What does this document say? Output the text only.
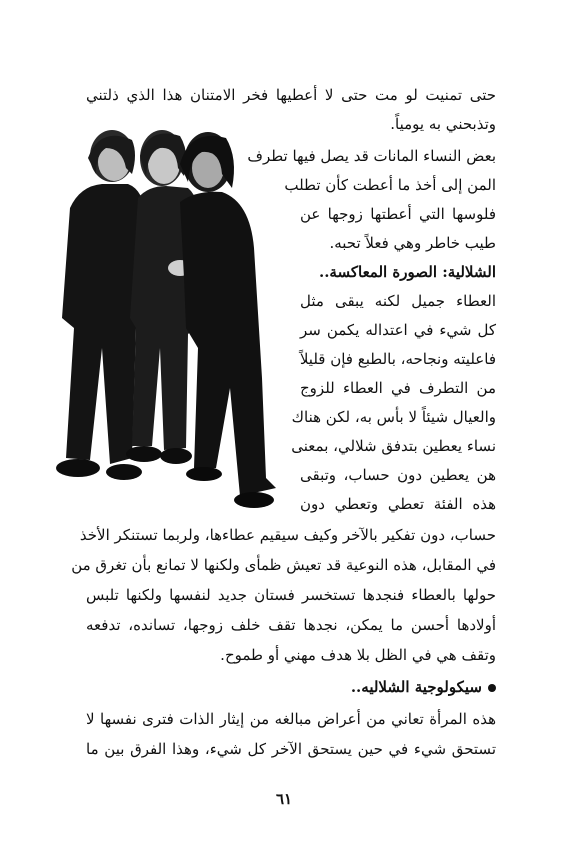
حتى تمنيت لو مت حتى لا أعطيها فخر الامتنان هذا الذي ذلتني
وتذبحني به يومياً.
بعض النساء المانات قد يصل فيها تطرف
المن إلى أخذ ما أعطت كأن تطلب
فلوسها التي أعطتها زوجها عن
طيب خاطر وهي فعلاً تحبه.
الشلالية: الصورة المعاكسة..
العطاء جميل لكنه يبقى مثل
كل شيء في اعتداله يكمن سر
فاعليته ونجاحه، بالطبع فإن قليلاً
من التطرف في العطاء للزوج
والعيال شيئاً لا بأس به، لكن هناك
نساء يعطين بتدفق شلالي، بمعنى
هن يعطين دون حساب، وتبقى
هذه الفئة تعطي وتعطي دون
حساب، دون تفكير بالآخر وكيف سيقيم عطاءها، ولربما تستنكر الأخذ
في المقابل، هذه النوعية قد تعيش ظمأى ولكنها لا تمانع بأن تغرق من
حولها بالعطاء فنجدها تستخسر فستان جديد لنفسها ولكنها تلبس
أولادها أحسن ما يمكن، نجدها تقف خلف زوجها، تسانده، تدفعه
وتقف هي في الظل بلا هدف مهني أو طموح.
سيكولوجية الشلاليه..
هذه المرأة تعاني من أعراض مبالغه من إيثار الذات فترى نفسها لا
تستحق شيء في حين يستحق الآخر كل شيء، وهذا الفرق بين ما
٦١
